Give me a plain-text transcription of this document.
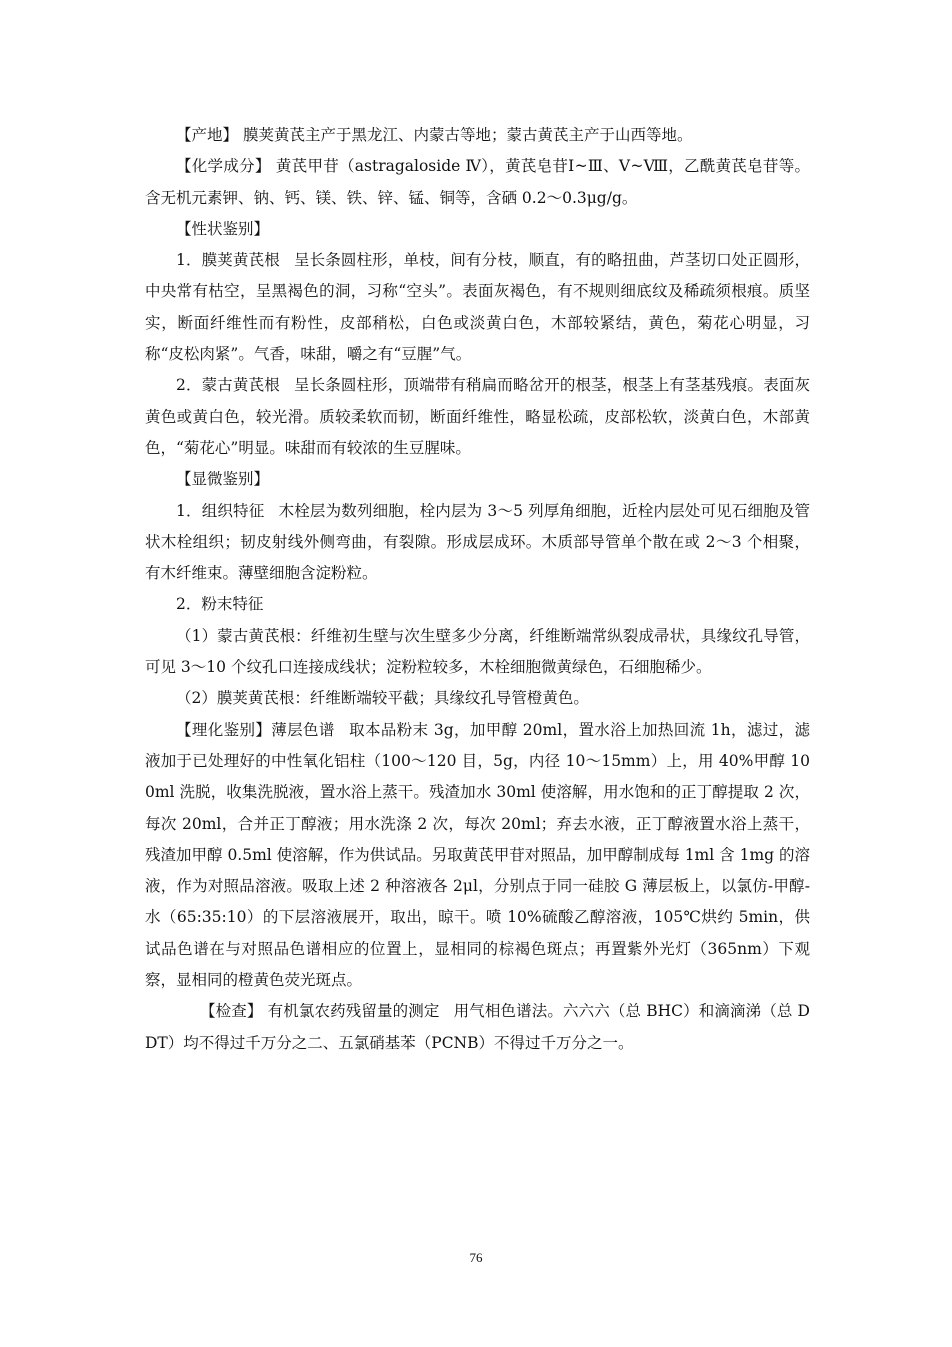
【产地】 膜荚黄芪主产于黑龙江、内蒙古等地；蒙古黄芪主产于山西等地。

【化学成分】 黄芪甲苷（astragaloside Ⅳ），黄芪皂苷Ⅰ~Ⅲ、Ⅴ~Ⅷ，乙酰黄芪皂苷等。含无机元素钾、钠、钙、镁、铁、锌、锰、铜等，含硒 0.2～0.3μg/g。

【性状鉴别】

1．膜荚黄芪根 呈长条圆柱形，单枝，间有分枝，顺直，有的略扭曲，芦茎切口处正圆形，中央常有枯空，呈黑褐色的洞，习称“空头”。表面灰褐色，有不规则细底纹及稀疏须根痕。质坚实，断面纤维性而有粉性，皮部稍松，白色或淡黄白色，木部较紧结，黄色，菊花心明显，习称“皮松肉紧”。气香，味甜，嚼之有“豆腥”气。

2．蒙古黄芪根 呈长条圆柱形，顶端带有稍扁而略岔开的根茎，根茎上有茎基残痕。表面灰黄色或黄白色，较光滑。质较柔软而韧，断面纤维性，略显松疏，皮部松软，淡黄白色，木部黄色，“菊花心”明显。味甜而有较浓的生豆腥味。

【显微鉴别】

1．组织特征 木栓层为数列细胞，栓内层为 3～5 列厚角细胞，近栓内层处可见石细胞及管状木栓组织；韧皮射线外侧弯曲，有裂隙。形成层成环。木质部导管单个散在或 2～3 个相聚，有木纤维束。薄壁细胞含淀粉粒。

2．粉末特征

（1）蒙古黄芪根：纤维初生壁与次生壁多少分离，纤维断端常纵裂成帚状，具缘纹孔导管，可见 3～10 个纹孔口连接成线状；淀粉粒较多，木栓细胞微黄绿色，石细胞稀少。

（2）膜荚黄芪根：纤维断端较平截；具缘纹孔导管橙黄色。

【理化鉴别】薄层色谱 取本品粉末 3g，加甲醇 20ml，置水浴上加热回流 1h，滤过，滤液加于已处理好的中性氧化铝柱（100～120 目，5g，内径 10～15mm）上，用 40%甲醇 100ml 洗脱，收集洗脱液，置水浴上蒸干。残渣加水 30ml 使溶解，用水饱和的正丁醇提取 2 次，每次 20ml，合并正丁醇液；用水洗涤 2 次，每次 20ml；弃去水液，正丁醇液置水浴上蒸干，残渣加甲醇 0.5ml 使溶解，作为供试品。另取黄芪甲苷对照品，加甲醇制成每 1ml 含 1mg 的溶液，作为对照品溶液。吸取上述 2 种溶液各 2μl，分别点于同一硅胶 G 薄层板上，以氯仿-甲醇-水（65:35:10）的下层溶液展开，取出，晾干。喷 10%硫酸乙醇溶液，105℃烘约 5min，供试品色谱在与对照品色谱相应的位置上，显相同的棕褐色斑点；再置紫外光灯（365nm）下观察，显相同的橙黄色荧光斑点。

【检查】 有机氯农药残留量的测定 用气相色谱法。六六六（总 BHC）和滴滴涕（总 DDT）均不得过千万分之二、五氯硝基苯（PCNB）不得过千万分之一。

76
